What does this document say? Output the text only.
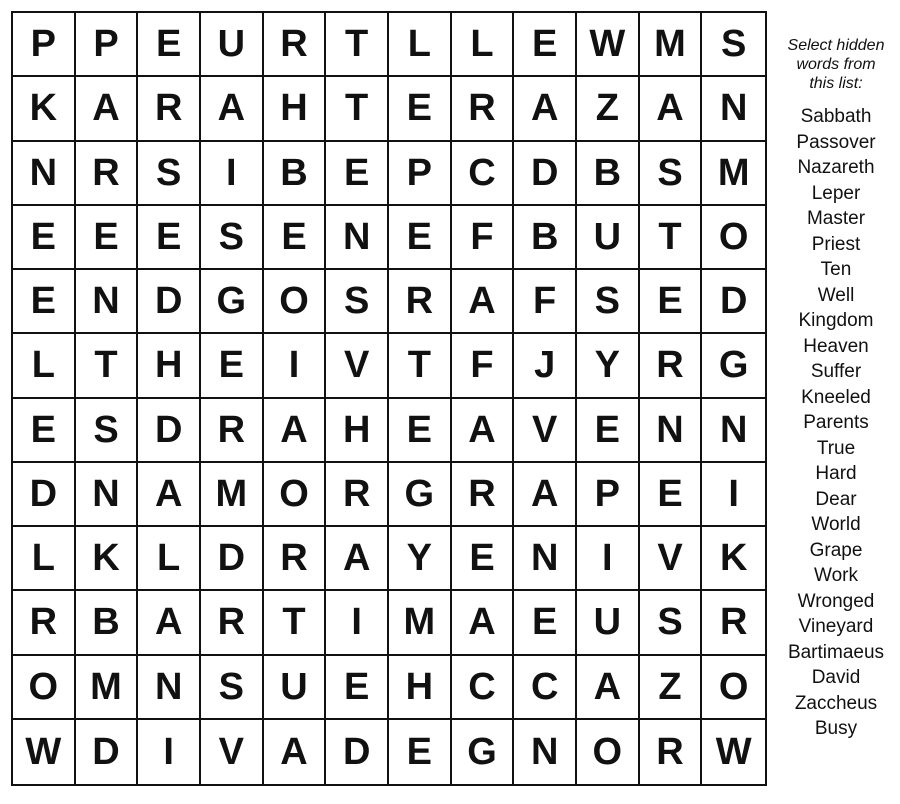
P P E U R T	L	L	E W M S
K A R A H T	E R A Z A N
N R S	I	B E P C D B S M
E E E S E N E	F B U T O
E N D G O S R A F	S E D
L	T H E	I	V	T	F	J	Y R G
E S D R A H E A V E N N
D N A M O R G R A P E	I
L K L D R A Y E N	I	V K
R B A R T	I	M A E U S R
O M N S U E H C C A Z O
W D	I	V A D E G N O R W
Select hidden
words from
this list:
Sabbath
Passover
Nazareth
Leper
Master
Priest
Ten
Well
Kingdom
Heaven
Suffer
Kneeled
Parents
True
Hard
Dear
World
Grape
Work
Wronged
Vineyard
Bartimaeus
David
Zaccheus
Busy
